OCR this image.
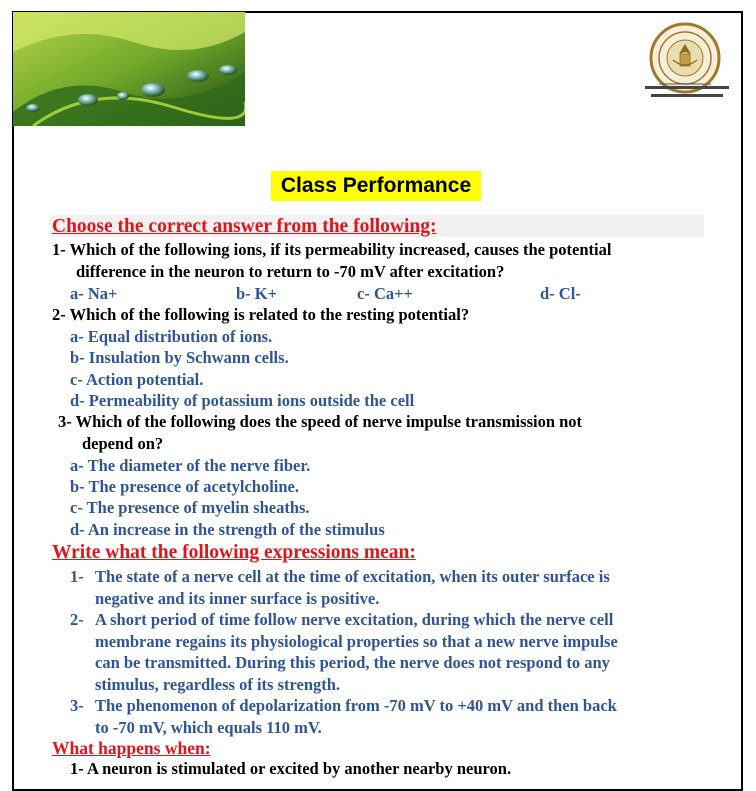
Class Performance
Choose the correct answer from the following:
1- Which of the following ions, if its permeability increased, causes the potential
difference in the neuron to return to -70 mV after excitation?
a- Na+	b- K+	c- Ca++	d- Cl-
2- Which of the following is related to the resting potential?
a- Equal distribution of ions.
b- Insulation by Schwann cells.
c- Action potential.
d- Permeability of potassium ions outside the cell
3- Which of the following does the speed of nerve impulse transmission not
depend on?
a- The diameter of the nerve fiber.
b- The presence of acetylcholine.
c- The presence of myelin sheaths.
d- An increase in the strength of the stimulus
Write what the following expressions mean:
1- The state of a nerve cell at the time of excitation, when its outer surface is
negative and its inner surface is positive.
2- A short period of time follow nerve excitation, during which the nerve cell
membrane regains its physiological properties so that a new nerve impulse
can be transmitted. During this period, the nerve does not respond to any
stimulus, regardless of its strength.
3- The phenomenon of depolarization from -70 mV to +40 mV and then back
to -70 mV, which equals 110 mV.
What happens when:
1- A neuron is stimulated or excited by another nearby neuron.
